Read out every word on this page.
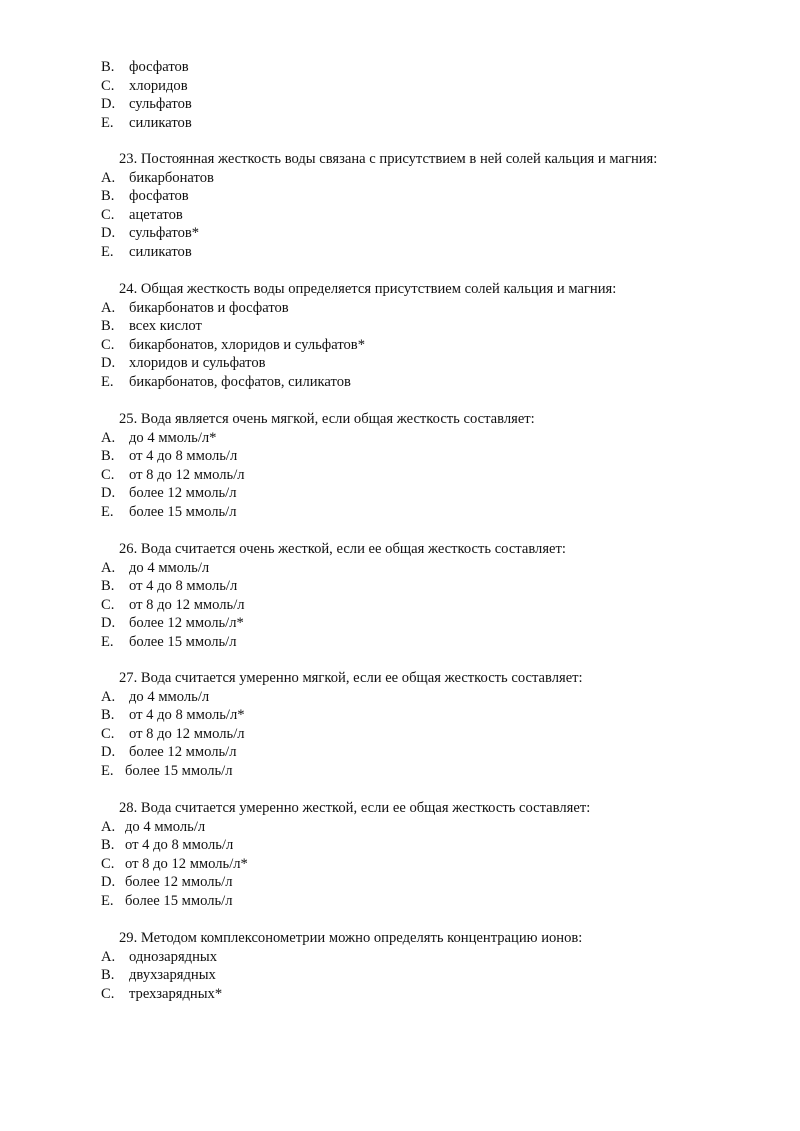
B. фосфатов
C. хлоридов
D. сульфатов
E. силикатов
23. Постоянная жесткость воды связана с присутствием в ней солей кальция и магния:
A. бикарбонатов
B. фосфатов
C. ацетатов
D. сульфатов*
E. силикатов
24. Общая жесткость воды определяется присутствием солей кальция и магния:
A. бикарбонатов и фосфатов
B. всех кислот
C. бикарбонатов, хлоридов и сульфатов*
D. хлоридов и сульфатов
E. бикарбонатов, фосфатов, силикатов
25. Вода является очень мягкой, если общая жесткость составляет:
A. до 4 ммоль/л*
B. от 4 до 8 ммоль/л
C. от 8 до 12 ммоль/л
D. более 12 ммоль/л
E. более 15 ммоль/л
26. Вода считается очень жесткой, если ее общая жесткость составляет:
A. до 4 ммоль/л
B. от 4 до 8 ммоль/л
C. от 8 до 12 ммоль/л
D. более 12 ммоль/л*
E. более 15 ммоль/л
27. Вода считается умеренно мягкой, если ее общая жесткость составляет:
A. до 4 ммоль/л
B. от 4 до 8 ммоль/л*
C. от 8 до 12 ммоль/л
D. более 12 ммоль/л
E. более 15 ммоль/л
28. Вода считается умеренно жесткой, если ее общая жесткость составляет:
A. до 4 ммоль/л
B. от 4 до 8 ммоль/л
C. от 8 до 12 ммоль/л*
D. более 12 ммоль/л
E. более 15 ммоль/л
29. Методом комплексонометрии можно определять концентрацию ионов:
A. однозарядных
B. двухзарядных
C. трехзарядных*
